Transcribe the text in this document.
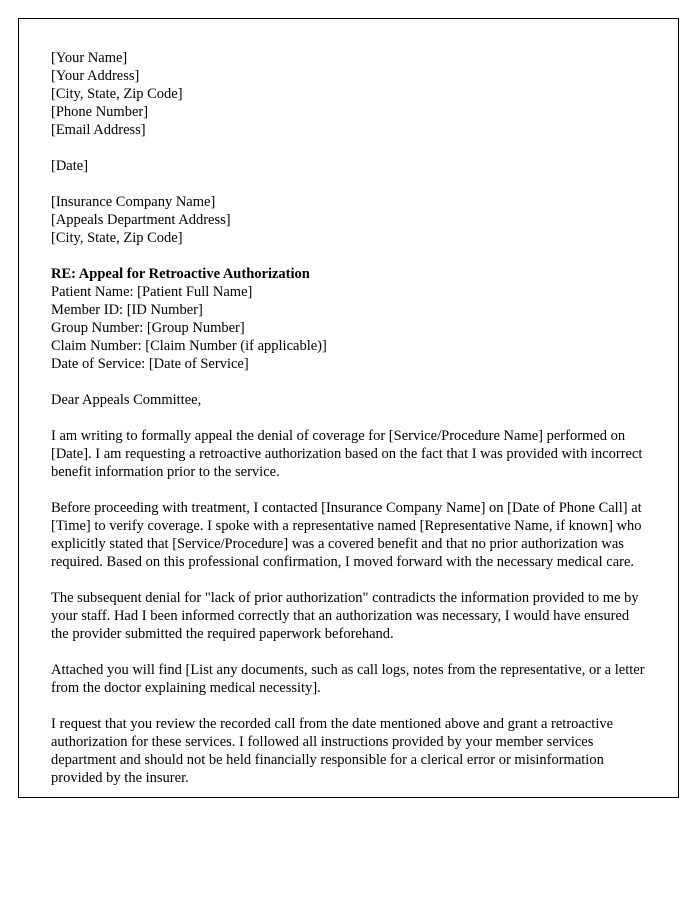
[Your Name]
[Your Address]
[City, State, Zip Code]
[Phone Number]
[Email Address]
[Date]
[Insurance Company Name]
[Appeals Department Address]
[City, State, Zip Code]
RE: Appeal for Retroactive Authorization
Patient Name: [Patient Full Name]
Member ID: [ID Number]
Group Number: [Group Number]
Claim Number: [Claim Number (if applicable)]
Date of Service: [Date of Service]
Dear Appeals Committee,

I am writing to formally appeal the denial of coverage for [Service/Procedure Name] performed on [Date]. I am requesting a retroactive authorization based on the fact that I was provided with incorrect benefit information prior to the service.

Before proceeding with treatment, I contacted [Insurance Company Name] on [Date of Phone Call] at [Time] to verify coverage. I spoke with a representative named [Representative Name, if known] who explicitly stated that [Service/Procedure] was a covered benefit and that no prior authorization was required. Based on this professional confirmation, I moved forward with the necessary medical care.

The subsequent denial for "lack of prior authorization" contradicts the information provided to me by your staff. Had I been informed correctly that an authorization was necessary, I would have ensured the provider submitted the required paperwork beforehand.

Attached you will find [List any documents, such as call logs, notes from the representative, or a letter from the doctor explaining medical necessity].

I request that you review the recorded call from the date mentioned above and grant a retroactive authorization for these services. I followed all instructions provided by your member services department and should not be held financially responsible for a clerical error or misinformation provided by the insurer.
